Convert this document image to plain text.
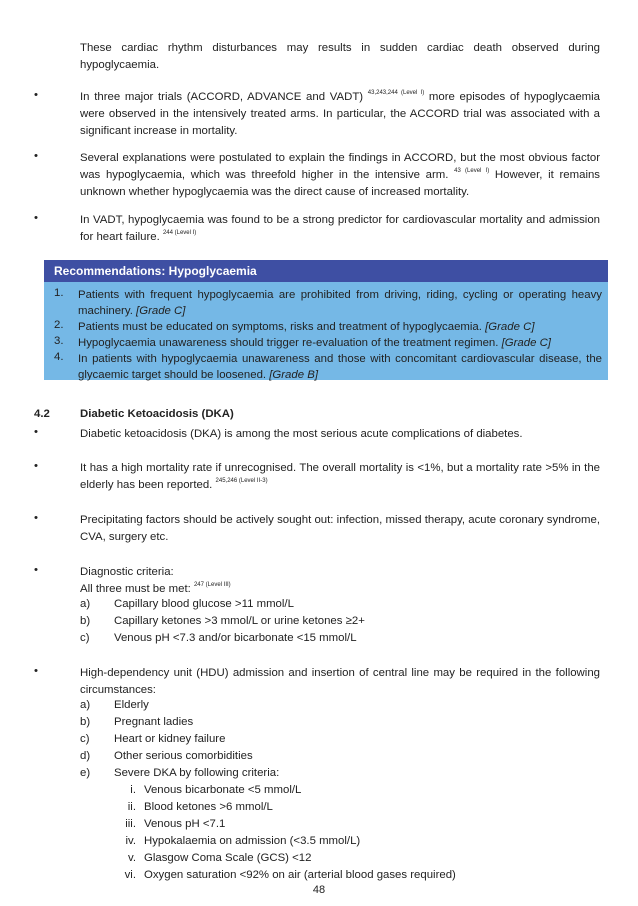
These cardiac rhythm disturbances may results in sudden cardiac death observed during hypoglycaemia.

•	In three major trials (ACCORD, ADVANCE and VADT) $^{43,243,244 (Level I)}$ more episodes of hypoglycaemia were observed in the intensively treated arms. In particular, the ACCORD trial was associated with a significant increase in mortality.

•	Several explanations were postulated to explain the findings in ACCORD, but the most obvious factor was hypoglycaemia, which was threefold higher in the intensive arm. $^{43 (Level I)}$ However, it remains unknown whether hypoglycaemia was the direct cause of increased mortality.

•	In VADT, hypoglycaemia was found to be a strong predictor for cardiovascular mortality and admission for heart failure. $^{244 (Level I)}$

Recommendations: Hypoglycaemia
1. Patients with frequent hypoglycaemia are prohibited from driving, riding, cycling or operating heavy machinery. [Grade C]

2. Patients must be educated on symptoms, risks and treatment of hypoglycaemia. [Grade C]

3. Hypoglycaemia unawareness should trigger re-evaluation of the treatment regimen. [Grade C]

4. In patients with hypoglycaemia unawareness and those with concomitant cardiovascular disease, the glycaemic target should be loosened. [Grade B]

4.2	Diabetic Ketoacidosis (DKA)
•	Diabetic ketoacidosis (DKA) is among the most serious acute complications of diabetes.

•	It has a high mortality rate if unrecognised. The overall mortality is <1%, but a mortality rate >5% in the elderly has been reported. $^{245,246 (Level II-3)}$

•	Precipitating factors should be actively sought out: infection, missed therapy, acute coronary syndrome, CVA, surgery etc.

•	Diagnostic criteria:
All three must be met: $^{247 (Level III)}$
a) Capillary blood glucose >11 mmol/L
b) Capillary ketones >3 mmol/L or urine ketones ≥2+
c) Venous pH <7.3 and/or bicarbonate <15 mmol/L
•	High-dependency unit (HDU) admission and insertion of central line may be required in the following circumstances:

a) Elderly
b) Pregnant ladies
c) Heart or kidney failure
d) Other serious comorbidities
e) Severe DKA by following criteria:
i. Venous bicarbonate <5 mmol/L
ii. Blood ketones >6 mmol/L
iii. Venous pH <7.1
iv. Hypokalaemia on admission (<3.5 mmol/L)
v. Glasgow Coma Scale (GCS) <12
vi. Oxygen saturation <92% on air (arterial blood gases required)
48
